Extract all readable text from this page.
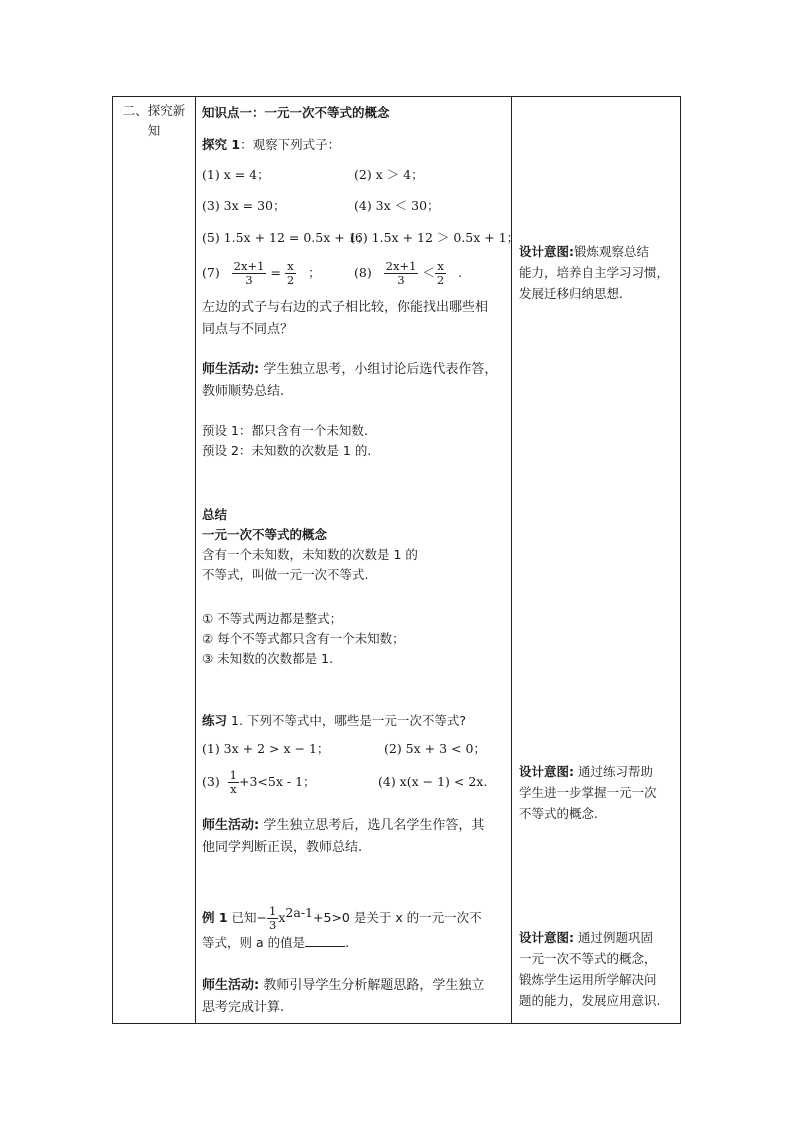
二、探究新
知
知识点一：一元一次不等式的概念
探究 1：观察下列式子：
(1) x = 4；	(2) x ＞ 4；
(3) 3x = 30；	(4) 3x ＜ 30；
(5) 1.5x + 12 = 0.5x + 1；
(6) 1.5x + 12 ＞ 0.5x + 1；
$(7) \frac{2x+1}{3} = \frac{x}{2}$ ；	$(8) \frac{2x+1}{3} < \frac{x}{2}$ .
左边的式子与右边的式子相比较，你能找出哪些相
同点与不同点？
师生活动: 学生独立思考，小组讨论后选代表作答，
教师顺势总结.
预设 1：都只含有一个未知数.
预设 2：未知数的次数是 1 的.
总结
一元一次不等式的概念
含有一个未知数，未知数的次数是 1 的
不等式，叫做一元一次不等式.
① 不等式两边都是整式；
② 每个不等式都只含有一个未知数；
③ 未知数的次数都是 1.
练习 1. 下列不等式中，哪些是一元一次不等式?
(1) 3x + 2 > x − 1；	(2) 5x + 3 < 0；
$(3) \frac{1}{x} +3<5x - 1$；	(4) x(x − 1) < 2x.
师生活动: 学生独立思考后，选几名学生作答，其
他同学判断正误，教师总结.
例 1 已知− $\frac{1}{3} x^{2a-1}+5>0$ 是关于 x 的一元一次不
等式，则 a 的值是	.
师生活动: 教师引导学生分析解题思路，学生独立
思考完成计算.
设计意图:锻炼观察总结
能力，培养自主学习习惯，
发展迁移归纳思想.
设计意图: 通过练习帮助
学生进一步掌握一元一次
不等式的概念.
设计意图: 通过例题巩固
一元一次不等式的概念，
锻炼学生运用所学解决问
题的能力，发展应用意识.
